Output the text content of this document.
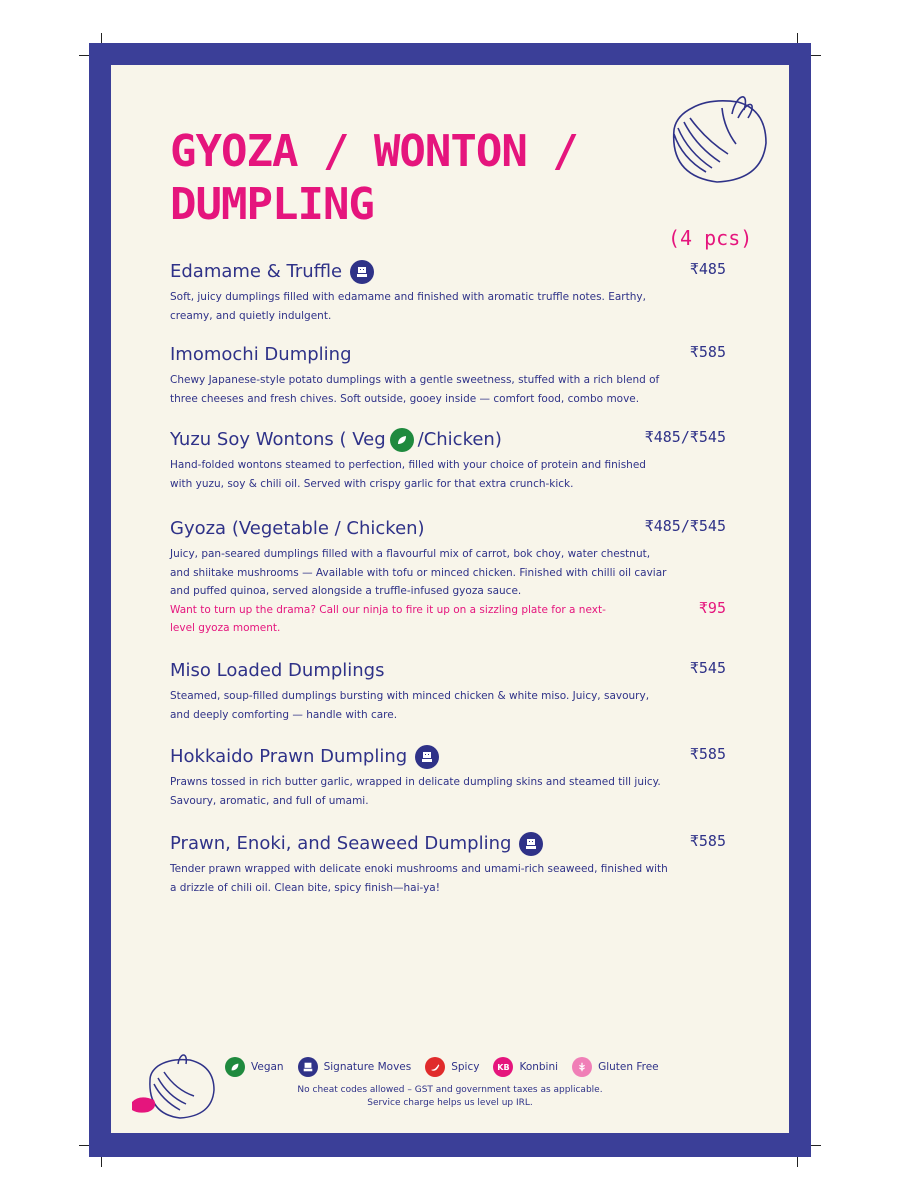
GYOZA / WONTON / DUMPLING
(4 pcs)
Edamame & Truffle	₹485

Soft, juicy dumplings filled with edamame and finished with aromatic truffle notes. Earthy, creamy, and quietly indulgent.

Imomochi Dumpling	₹585

Chewy Japanese-style potato dumplings with a gentle sweetness, stuffed with a rich blend of three cheeses and fresh chives. Soft outside, gooey inside — comfort food, combo move.

Yuzu Soy Wontons ( Veg /Chicken)	₹485/₹545

Hand-folded wontons steamed to perfection, filled with your choice of protein and finished with yuzu, soy & chili oil. Served with crispy garlic for that extra crunch-kick.

Gyoza (Vegetable / Chicken)	₹485/₹545

Juicy, pan-seared dumplings filled with a flavourful mix of carrot, bok choy, water chestnut, and shiitake mushrooms — Available with tofu or minced chicken. Finished with chilli oil caviar and puffed quinoa, served alongside a truffle-infused gyoza sauce.

Want to turn up the drama? Call our ninja to fire it up on a sizzling plate for a next-level gyoza moment.

₹95
Miso Loaded Dumplings	₹545

Steamed, soup-filled dumplings bursting with minced chicken & white miso. Juicy, savoury, and deeply comforting — handle with care.

Hokkaido Prawn Dumpling	₹585

Prawns tossed in rich butter garlic, wrapped in delicate dumpling skins and steamed till juicy. Savoury, aromatic, and full of umami.

Prawn, Enoki, and Seaweed Dumpling	₹585

Tender prawn wrapped with delicate enoki mushrooms and umami-rich seaweed, finished with a drizzle of chili oil. Clean bite, spicy finish—hai-ya!

Vegan	Signature Moves	Spicy	KB Konbini	Gluten Free

No cheat codes allowed – GST and government taxes as applicable.
Service charge helps us level up IRL.
